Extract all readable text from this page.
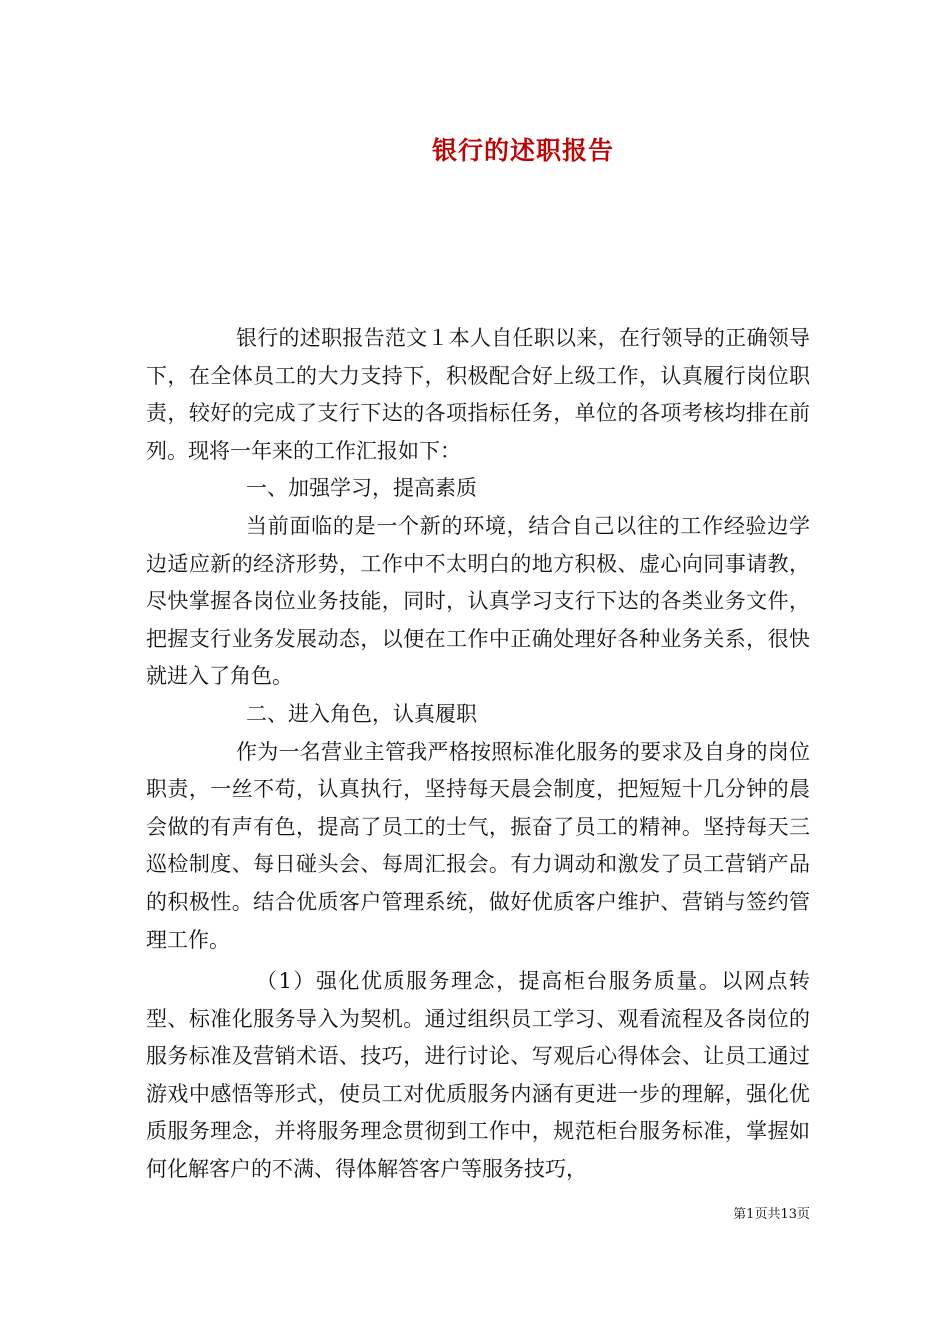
银行的述职报告

银行的述职报告范文１本人自任职以来，在行领导的正确领导下，在全体员工的大力支持下，积极配合好上级工作，认真履行岗位职责，较好的完成了支行下达的各项指标任务，单位的各项考核均排在前列。现将一年来的工作汇报如下：

一、加强学习，提高素质

当前面临的是一个新的环境，结合自己以往的工作经验边学边适应新的经济形势，工作中不太明白的地方积极、虚心向同事请教，尽快掌握各岗位业务技能，同时，认真学习支行下达的各类业务文件，把握支行业务发展动态，以便在工作中正确处理好各种业务关系，很快就进入了角色。

二、进入角色，认真履职

作为一名营业主管我严格按照标准化服务的要求及自身的岗位职责，一丝不苟，认真执行，坚持每天晨会制度，把短短十几分钟的晨会做的有声有色，提高了员工的士气，振奋了员工的精神。坚持每天三巡检制度、每日碰头会、每周汇报会。有力调动和激发了员工营销产品的积极性。结合优质客户管理系统，做好优质客户维护、营销与签约管理工作。

（1）强化优质服务理念，提高柜台服务质量。以网点转型、标准化服务导入为契机。通过组织员工学习、观看流程及各岗位的服务标准及营销术语、技巧，进行讨论、写观后心得体会、让员工通过游戏中感悟等形式，使员工对优质服务内涵有更进一步的理解，强化优质服务理念，并将服务理念贯彻到工作中，规范柜台服务标准，掌握如何化解客户的不满、得体解答客户等服务技巧，

第1页共13页
